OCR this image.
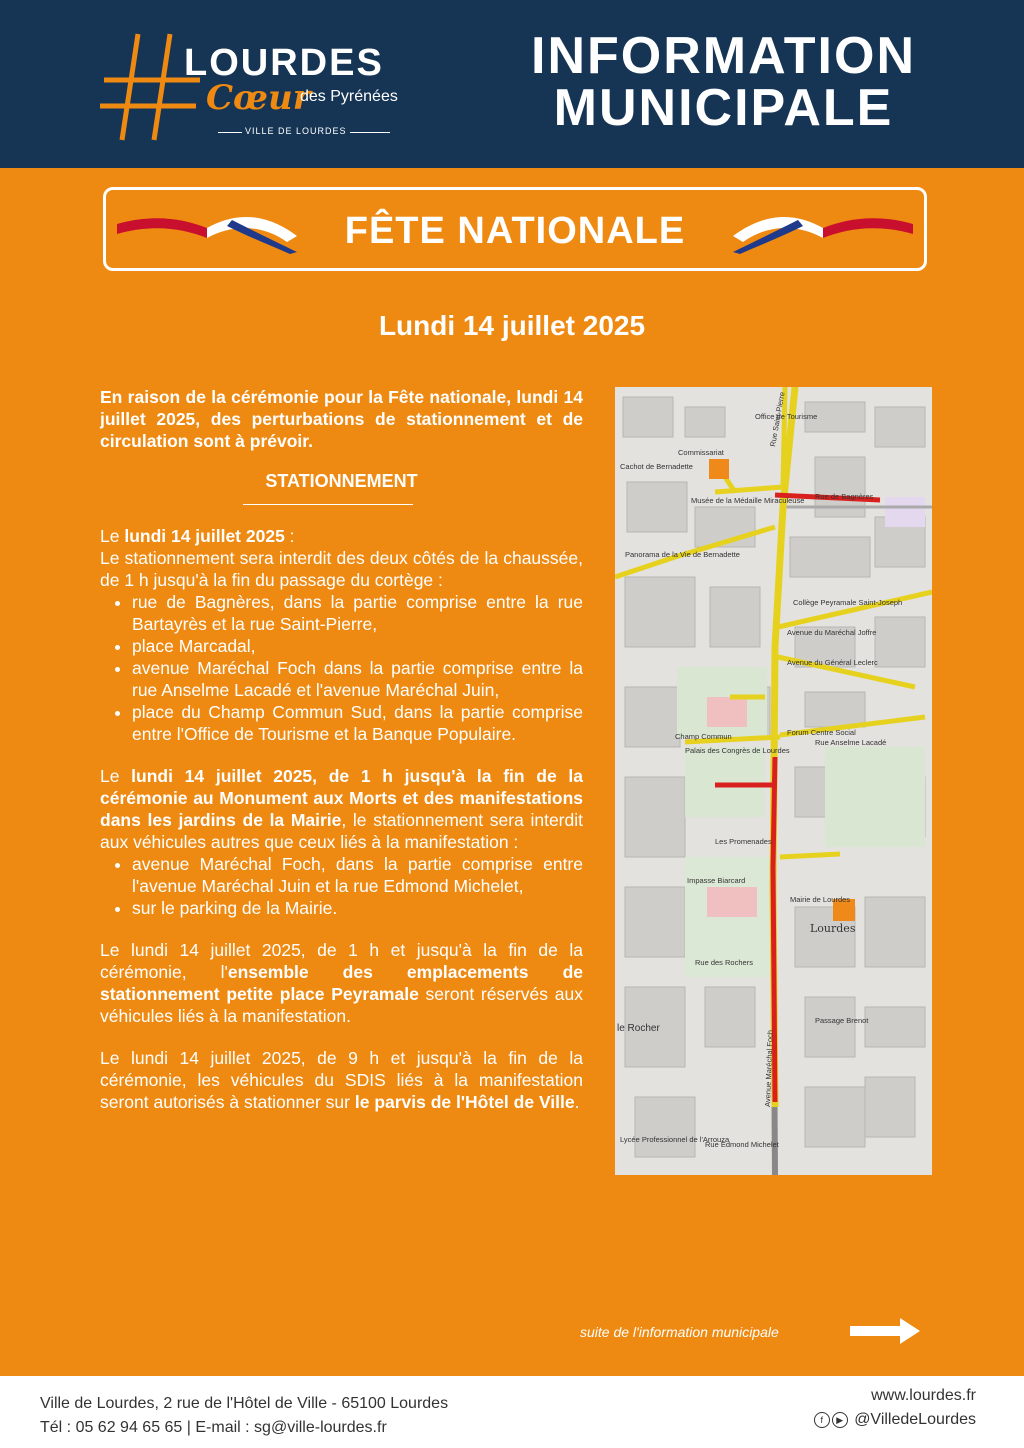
LOURDES
Cœur
des Pyrénées
VILLE DE LOURDES
INFORMATION
MUNICIPALE
FÊTE NATIONALE
Lundi 14 juillet 2025

En raison de la cérémonie pour la Fête nationale, lundi 14 juillet 2025, des perturbations de stationnement et de circulation sont à prévoir.

STATIONNEMENT

Le lundi 14 juillet 2025 :
Le stationnement sera interdit des deux côtés de la chaussée, de 1 h jusqu'à la fin du passage du cortège :
• rue de Bagnères, dans la partie comprise entre la rue Bartayrès et la rue Saint-Pierre,
• place Marcadal,
• avenue Maréchal Foch dans la partie comprise entre la rue Anselme Lacadé et l'avenue Maréchal Juin,
• place du Champ Commun Sud, dans la partie comprise entre l'Office de Tourisme et la Banque Populaire.
Le lundi 14 juillet 2025, de 1 h jusqu'à la fin de la cérémonie au Monument aux Morts et des manifestations dans les jardins de la Mairie, le stationnement sera interdit aux véhicules autres que ceux liés à la manifestation :
• avenue Maréchal Foch, dans la partie comprise entre l'avenue Maréchal Juin et la rue Edmond Michelet,
• sur le parking de la Mairie.
Le lundi 14 juillet 2025, de 1 h et jusqu'à la fin de la cérémonie, l'ensemble des emplacements de stationnement petite place Peyramale seront réservés aux véhicules liés à la manifestation.
Le lundi 14 juillet 2025, de 9 h et jusqu'à la fin de la cérémonie, les véhicules du SDIS liés à la manifestation seront autorisés à stationner sur le parvis de l'Hôtel de Ville.
Office de Tourisme
Commissariat
Cachot de Bernadette
Musée de la Médaille Miraculeuse
Panorama de la Vie de Bernadette
Collège Peyramale Saint-Joseph
Avenue du Maréchal Joffre
Avenue du Général Leclerc
Forum Centre Social
Rue Anselme Lacadé
Palais des Congrès de Lourdes
Champ Commun
Mairie de Lourdes
Lourdes
Rue des Rochers
Passage Brenot
le Rocher
Lycée Professionnel de l'Arrouza
Rue Edmond Michelet
Rue de Bagnères
Les Promenades
Impasse Biarcard
Rue Saint-Pierre
Avenue Maréchal Foch
suite de l'information municipale
Ville de Lourdes, 2 rue de l'Hôtel de Ville - 65100 Lourdes
Tél : 05 62 94 65 65 | E-mail : sg@ville-lourdes.fr
www.lourdes.fr
f ▶ @VilledeLourdes
